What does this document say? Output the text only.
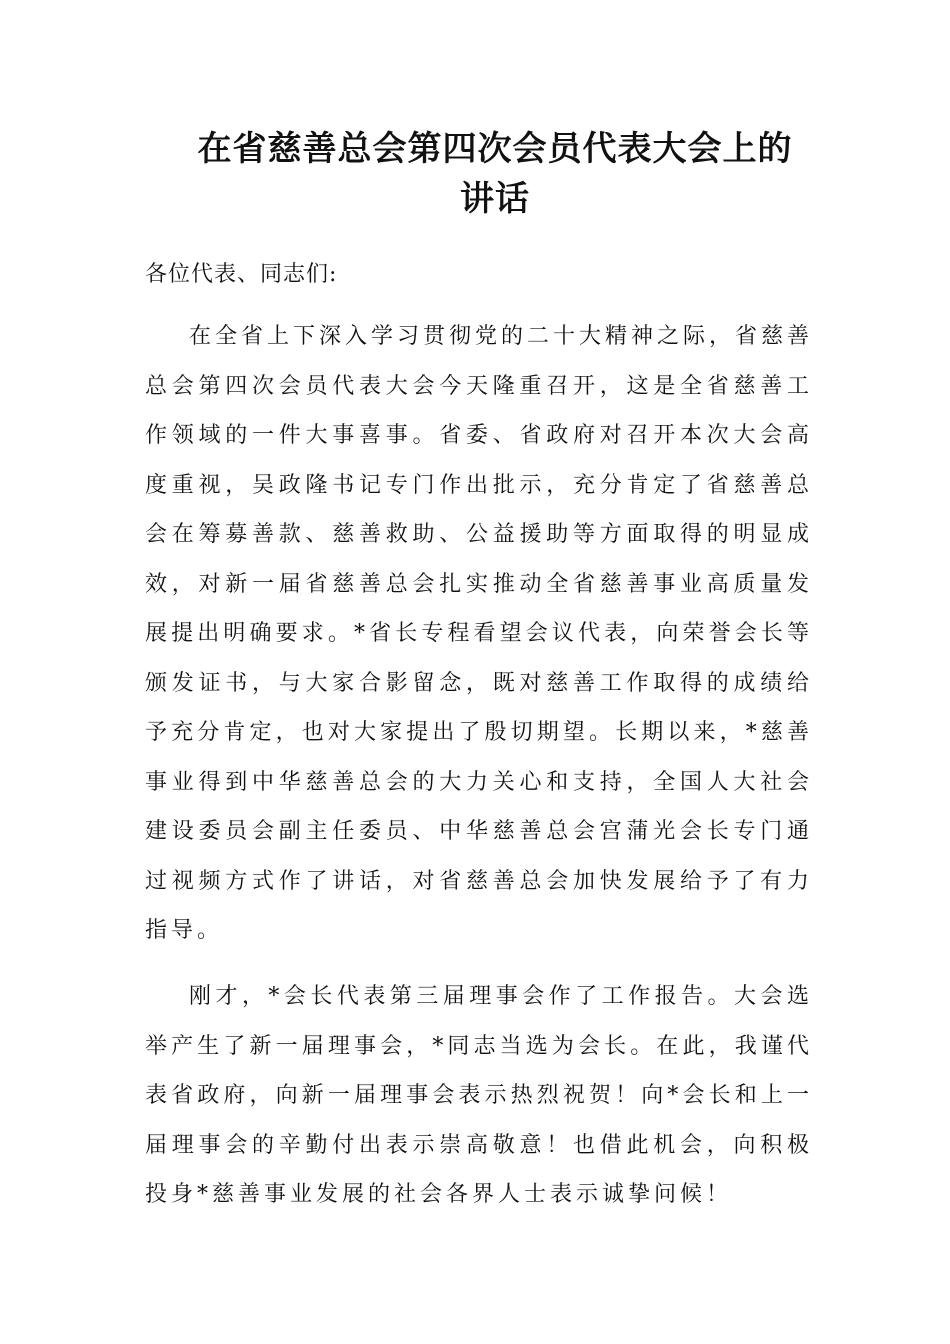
在省慈善总会第四次会员代表大会上的
讲话

各位代表、同志们:

在全省上下深入学习贯彻党的二十大精神之际，省慈善总会第四次会员代表大会今天隆重召开，这是全省慈善工作领域的一件大事喜事。省委、省政府对召开本次大会高度重视，吴政隆书记专门作出批示，充分肯定了省慈善总会在筹募善款、慈善救助、公益援助等方面取得的明显成效，对新一届省慈善总会扎实推动全省慈善事业高质量发展提出明确要求。*省长专程看望会议代表，向荣誉会长等颁发证书，与大家合影留念，既对慈善工作取得的成绩给予充分肯定，也对大家提出了殷切期望。长期以来，*慈善事业得到中华慈善总会的大力关心和支持，全国人大社会建设委员会副主任委员、中华慈善总会宫蒲光会长专门通过视频方式作了讲话，对省慈善总会加快发展给予了有力指导。

刚才，*会长代表第三届理事会作了工作报告。大会选举产生了新一届理事会，*同志当选为会长。在此，我谨代表省政府，向新一届理事会表示热烈祝贺！向*会长和上一届理事会的辛勤付出表示崇高敬意！也借此机会，向积极投身*慈善事业发展的社会各界人士表示诚挚问候！
